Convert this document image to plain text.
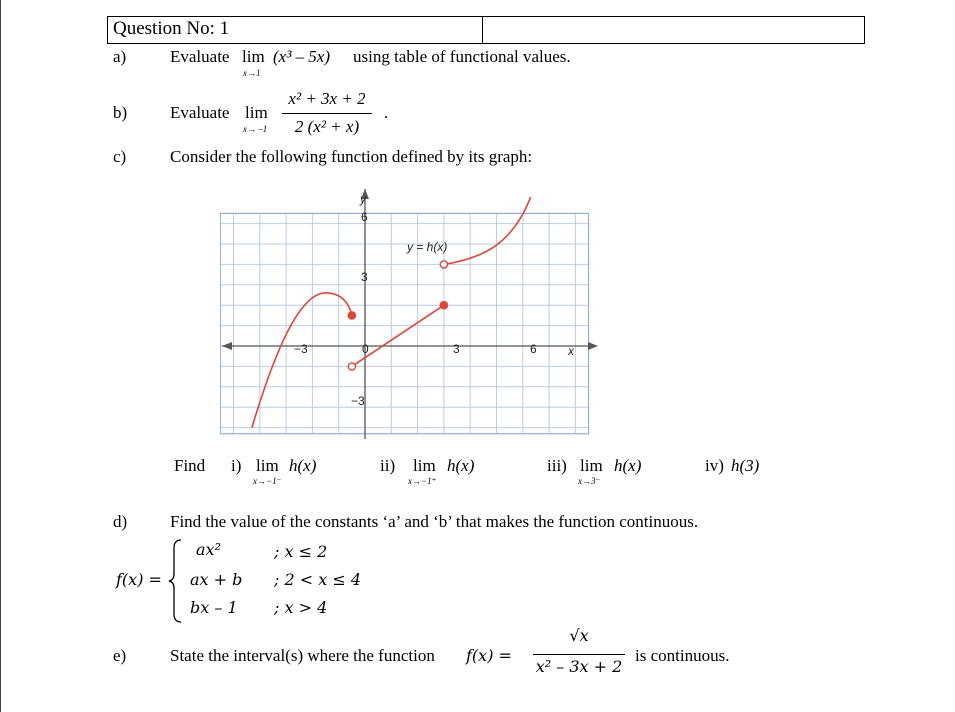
Question No: 1
a)	Evaluate lim
x→1
(x³ – 5x) using table of functional values.
b)	Evaluate lim
x→ –1
x² + 3x + 2
2 (x² + x)
.
c)	Consider the following function defined by its graph:
y
x
y = h(x)
6
3
−3
−3	0	3	6
Find i) lim h(x)
x→−1⁻
ii) lim h(x)
x→−1⁺
iii) lim h(x)
x→3⁻
iv) h(3)
d)	Find the value of the constants ‘a’ and ‘b’ that makes the function continuous.
f(x) =
ax²	; x ≤ 2
ax + b ; 2 < x ≤ 4
bx – 1 ; x > 4
e)	State the interval(s) where the function f(x) =
√x
x² – 3x + 2
is continuous.
